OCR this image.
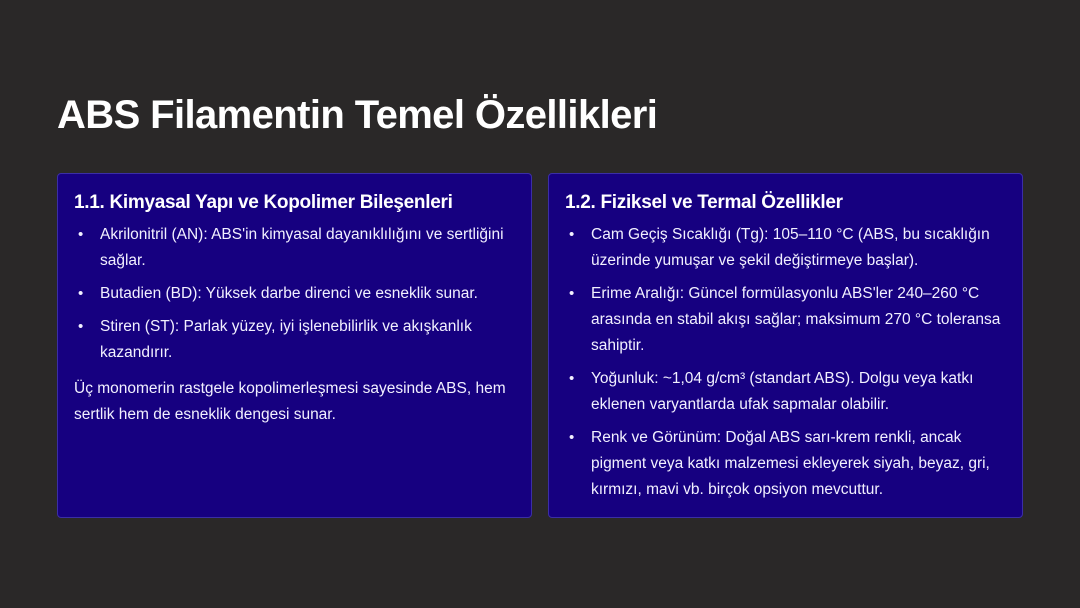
ABS Filamentin Temel Özellikleri
1.1. Kimyasal Yapı ve Kopolimer Bileşenleri
• Akrilonitril (AN): ABS'in kimyasal dayanıklılığını ve sertliğini sağlar.
• Butadien (BD): Yüksek darbe direnci ve esneklik sunar.
• Stiren (ST): Parlak yüzey, iyi işlenebilirlik ve akışkanlık kazandırır.

Üç monomerin rastgele kopolimerleşmesi sayesinde ABS, hem sertlik hem de esneklik dengesi sunar.

1.2. Fiziksel ve Termal Özellikler
• Cam Geçiş Sıcaklığı (Tg): 105–110 °C (ABS, bu sıcaklığın üzerinde yumuşar ve şekil değiştirmeye başlar).
• Erime Aralığı: Güncel formülasyonlu ABS'ler 240–260 °C arasında en stabil akışı sağlar; maksimum 270 °C toleransa sahiptir.
• Yoğunluk: ~1,04 g/cm³ (standart ABS). Dolgu veya katkı eklenen varyantlarda ufak sapmalar olabilir.
• Renk ve Görünüm: Doğal ABS sarı-krem renkli, ancak pigment veya katkı malzemesi ekleyerek siyah, beyaz, gri, kırmızı, mavi vb. birçok opsiyon mevcuttur.
